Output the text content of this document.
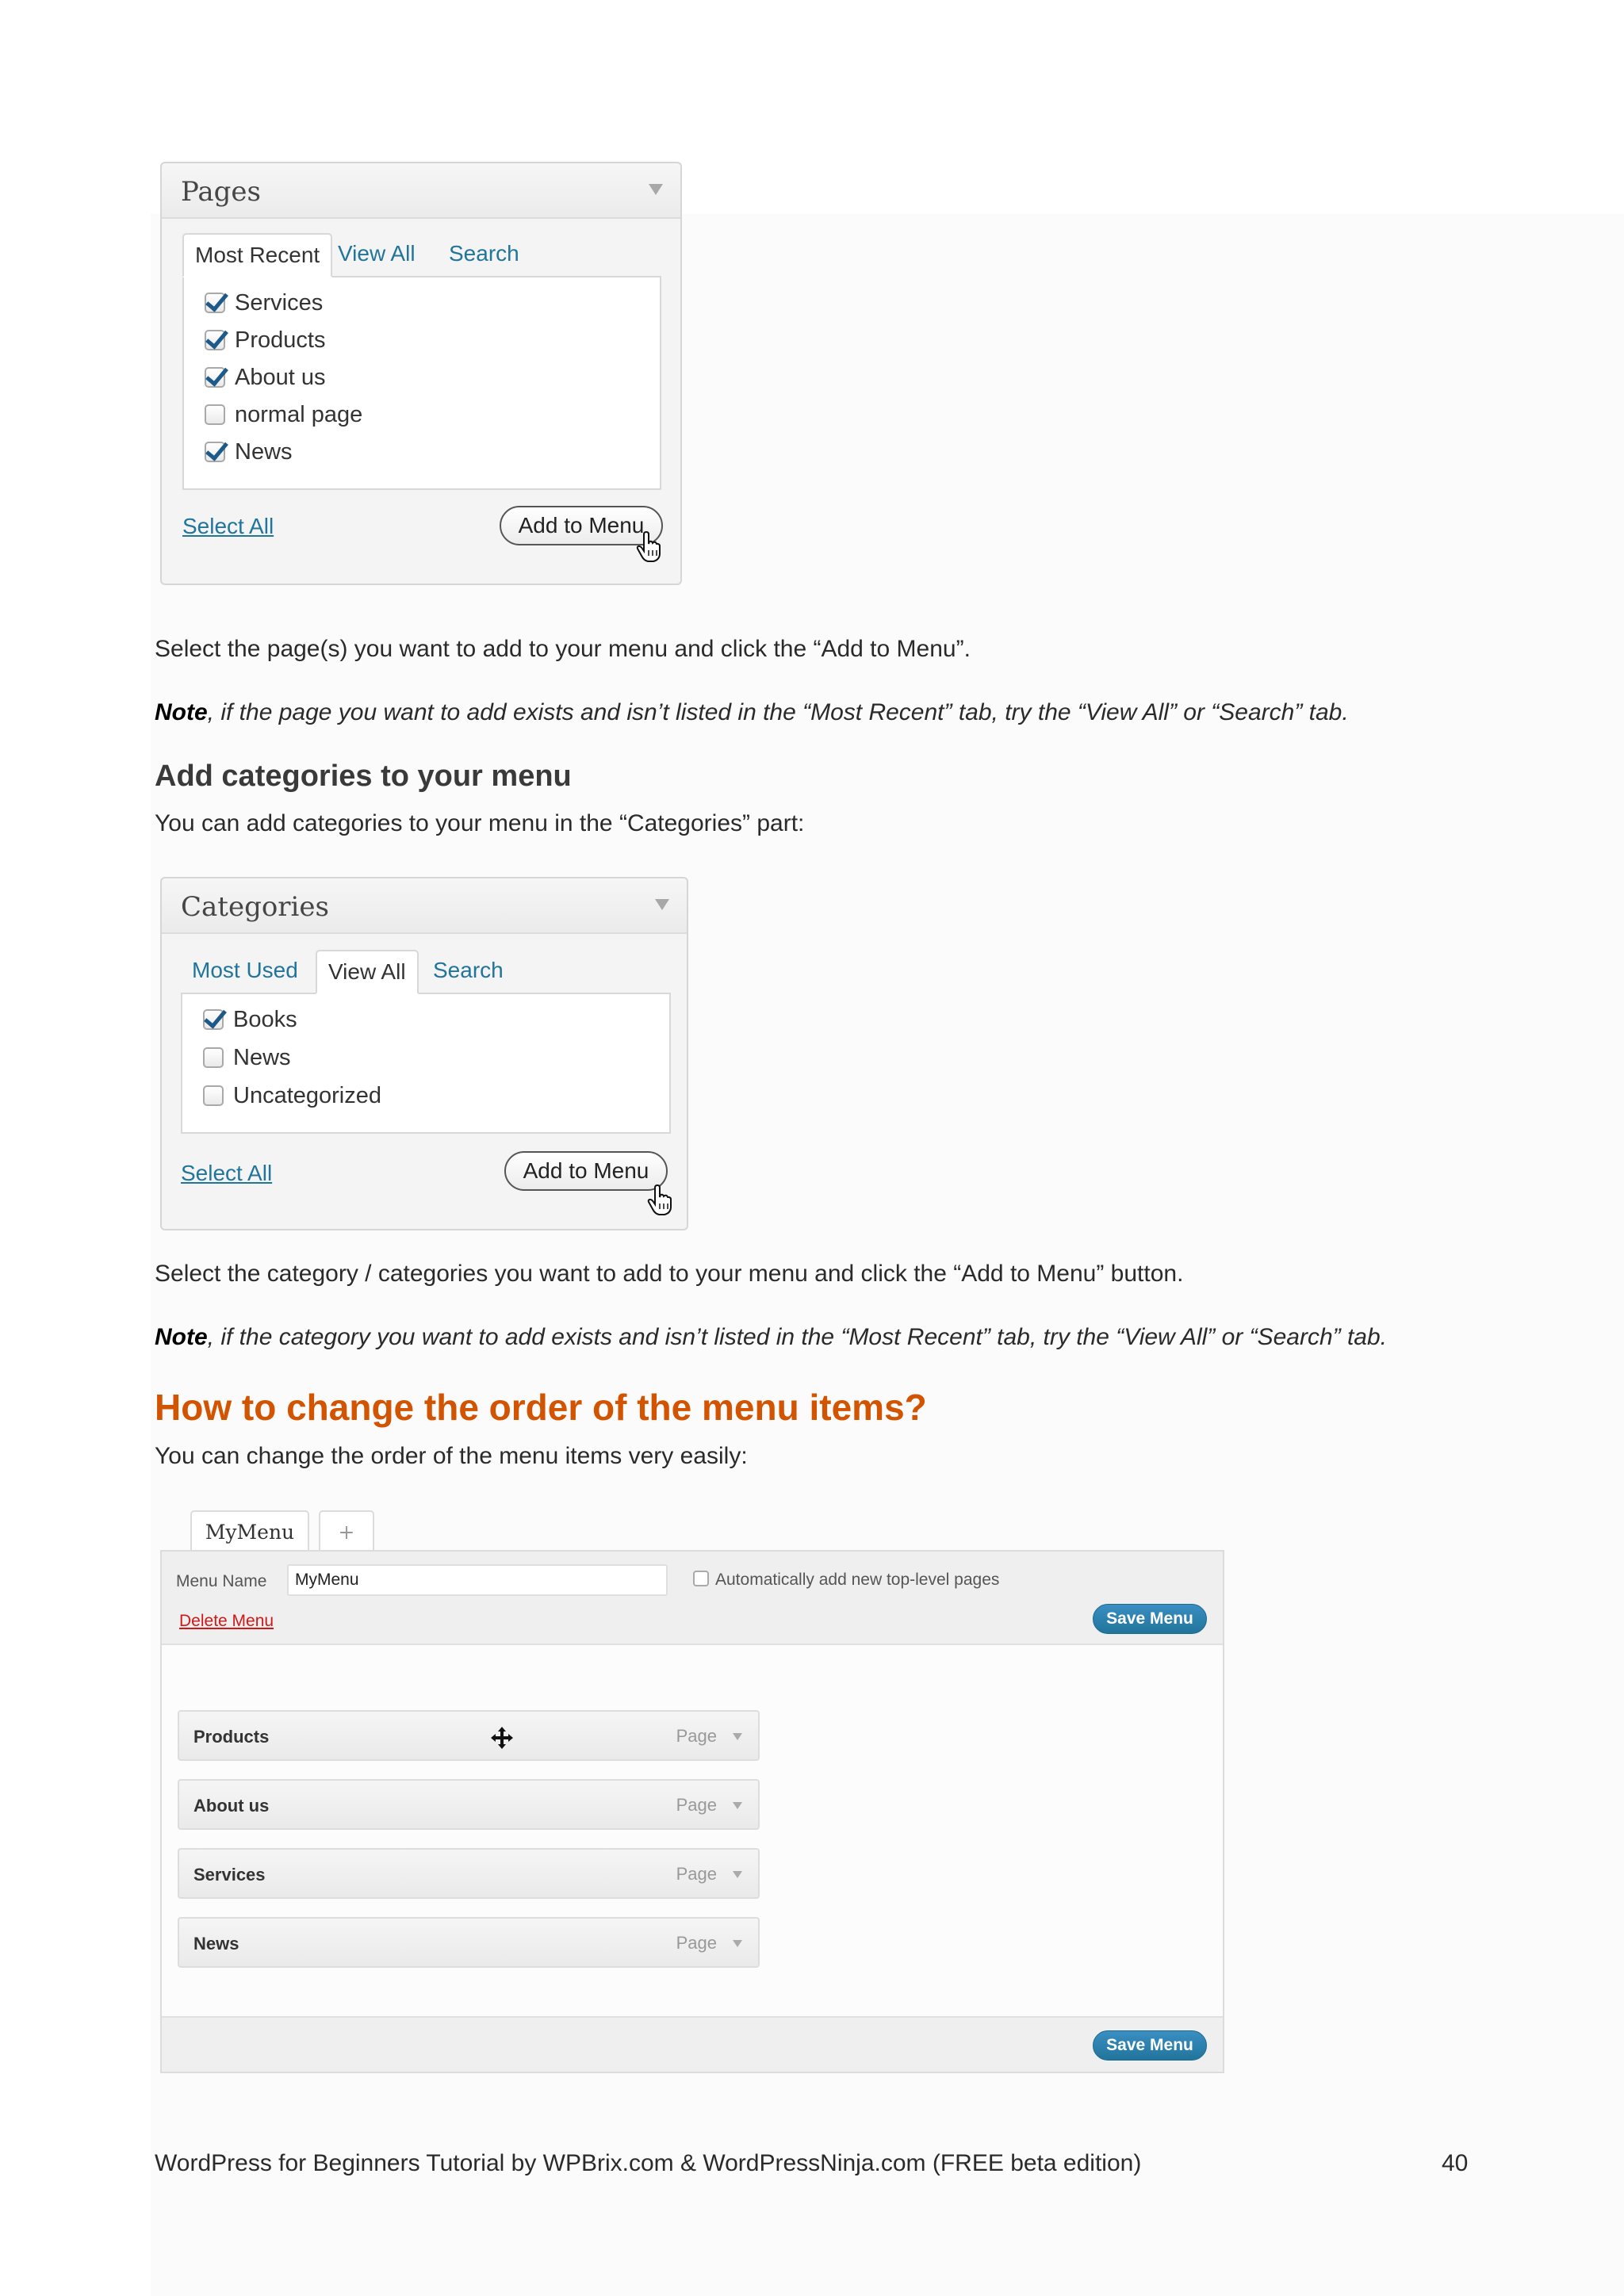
Pages
Most Recent View All	Search
Services
Products
About us
normal page
News
Select All	Add to Menu
Select the page(s) you want to add to your menu and click the “Add to Menu”.
Note, if the page you want to add exists and isn’t listed in the “Most Recent” tab, try the “View All” or “Search” tab.
Add categories to your menu
You can add categories to your menu in the “Categories” part:
Categories
Most Used	View All	Search
Books
News
Uncategorized
Select All	Add to Menu
Select the category / categories you want to add to your menu and click the “Add to Menu” button.
Note, if the category you want to add exists and isn’t listed in the “Most Recent” tab, try the “View All” or “Search” tab.
How to change the order of the menu items?
You can change the order of the menu items very easily:
MyMenu	+
Menu Name	MyMenu	Automatically add new top-level pages
Delete Menu	Save Menu
Products	Page
About us	Page
Services	Page
News	Page
Save Menu
WordPress for Beginners Tutorial by WPBrix.com & WordPressNinja.com (FREE beta edition)	40
